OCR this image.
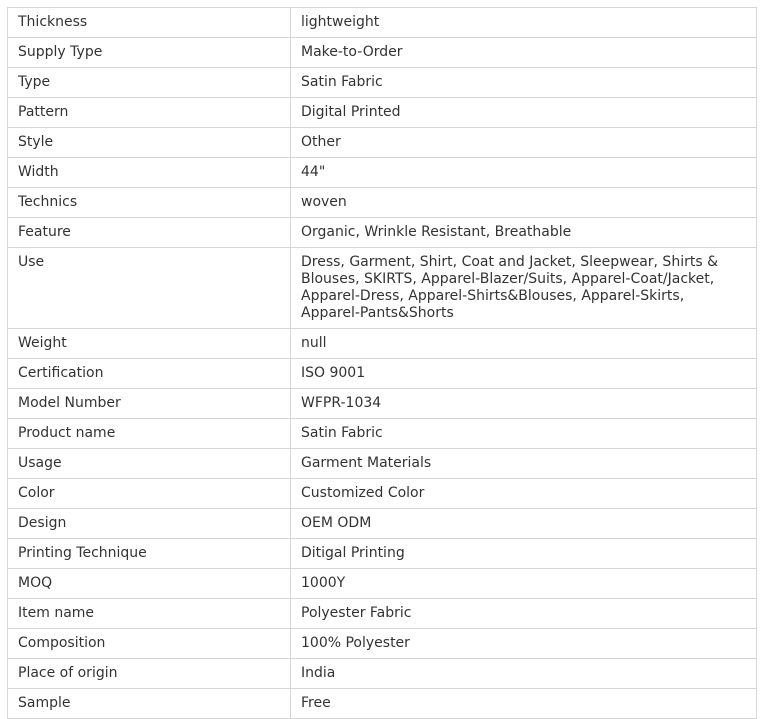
Thickness	lightweight
Supply Type	Make-to-Order
Type	Satin Fabric
Pattern	Digital Printed
Style	Other
Width	44"
Technics	woven
Feature	Organic, Wrinkle Resistant, Breathable
Use	Dress, Garment, Shirt, Coat and Jacket, Sleepwear, Shirts & Blouses, SKIRTS, Apparel-Blazer/Suits, Apparel-Coat/Jacket, Apparel-Dress, Apparel-Shirts&Blouses, Apparel-Skirts, Apparel-Pants&Shorts
Weight	null
Certification	ISO 9001
Model Number	WFPR-1034
Product name	Satin Fabric
Usage	Garment Materials
Color	Customized Color
Design	OEM ODM
Printing Technique	Ditigal Printing
MOQ	1000Y
Item name	Polyester Fabric
Composition	100% Polyester
Place of origin	India
Sample	Free
